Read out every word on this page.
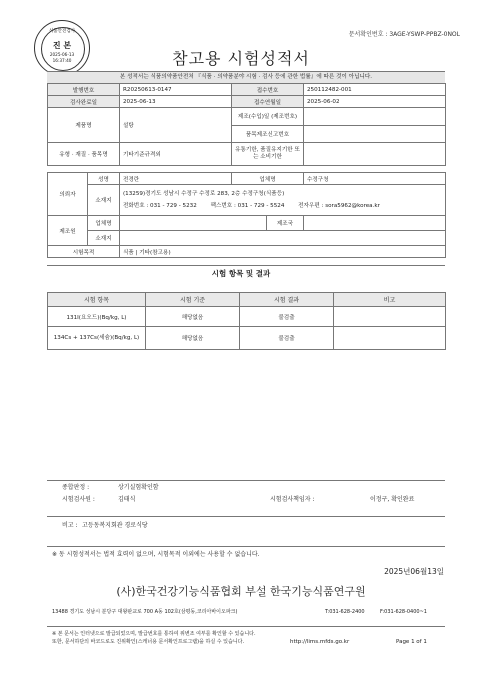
문서확인번호 : 3AGE-YSWP-PPBZ-0NOL
식품안전검사
진 본
2025-06-13
16:37:40	참고용 시험성적서
본 성적서는 식품의약품안전처 『식품 · 의약품분야 시험 · 검사 등에 관한 법률』에 따른 것이 아닙니다.
발행번호	R20250613-0147	접수번호	250112482-001
검사완료일	2025-06-13	접수연월일	2025-06-02
제품명	설탕	제조(수입)일 (제조번호)	
		품목제조신고번호	
유형 · 재질 · 품목명	기타기준규격외	유통기한, 품질유지기한 또는 소비기한	
의뢰자	성명	전경란	업체명		수정구청
	소재지	(13259)경기도 성남시 수정구 수정로 283, 2층 수정구청(식품등)
전화번호 : 031 - 729 - 5232 팩스번호 : 031 - 729 - 5524 전자우편 : sora5962@korea.kr			

제조원	업체명			제조국	
	소재지				
시험목적		식품 | 기타(참고용)			
시험 항목 및 결과
시험 항목	시험 기준	시험 결과	비고
131I(요오드)(Bq/kg, L)	해당없음	불검출	
134Cs + 137Cs(세슘)(Bq/kg, L)	해당없음	불검출	
종합판정 :	상기실험확인함
시험검사원 :	김태식	시험검사책임자 :	이정구, 확인완료
비고 : 고등동복지회관 경로식당
※ 동 시험성적서는 법적 효력이 없으며, 시험목적 이외에는 사용할 수 없습니다.
2025년06월13일
(사)한국건강기능식품협회 부설 한국기능식품연구원
13488 경기도 성남시 분당구 대왕판교로 700 A동 102호(삼평동,코리아바이오파크)	T:031-628-2400	F:031-628-0400~1
※ 본 문서는 인터넷으로 발급되었으며, 발급번호를 통하여 위변조 여부를 확인할 수 있습니다.
또한, 문서하단의 바코드로도 진위확인(스캐너용 문서확인프로그램)을 하실 수 있습니다.	http://lims.mfds.go.kr	Page 1 of 1
